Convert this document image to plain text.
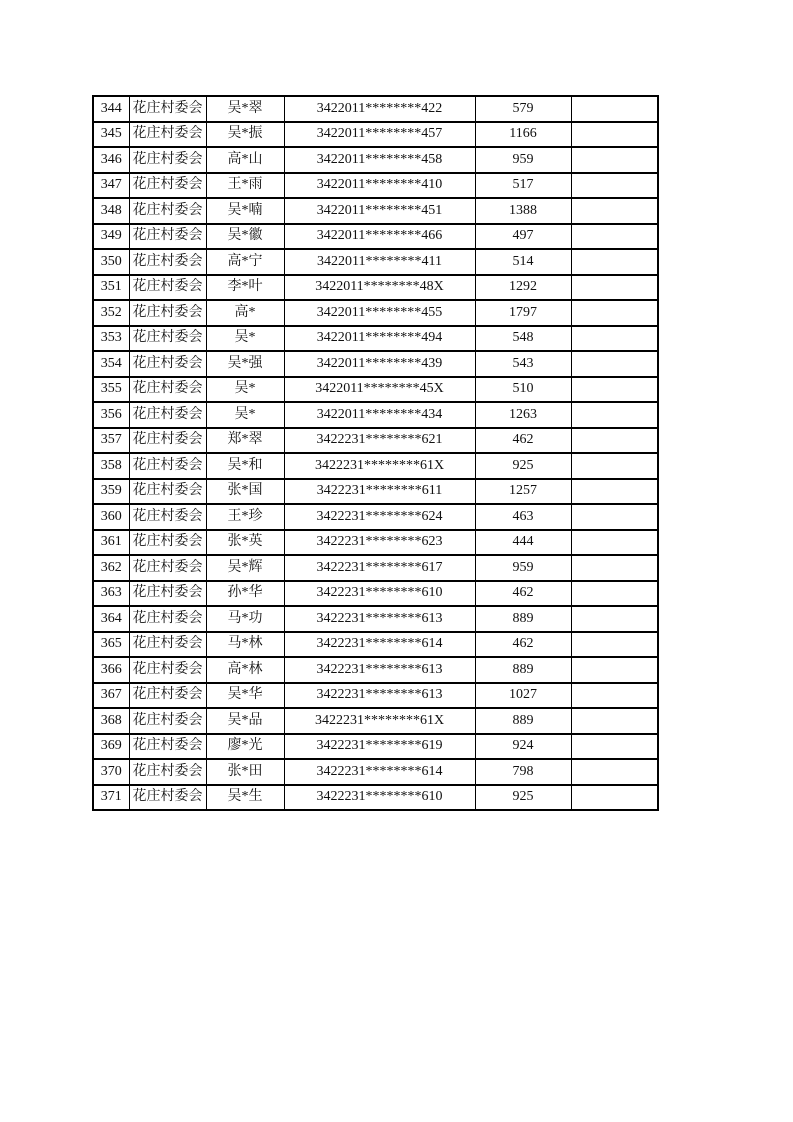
344	花庄村委会	吴*翠	3422011********422	579	
345	花庄村委会	吴*振	3422011********457	1166	
346	花庄村委会	高*山	3422011********458	959	
347	花庄村委会	王*雨	3422011********410	517	
348	花庄村委会	吴*喃	3422011********451	1388	
349	花庄村委会	吴*徽	3422011********466	497	
350	花庄村委会	高*宁	3422011********411	514	
351	花庄村委会	李*叶	3422011********48X	1292	
352	花庄村委会	高*	3422011********455	1797	
353	花庄村委会	吴*	3422011********494	548	
354	花庄村委会	吴*强	3422011********439	543	
355	花庄村委会	吴*	3422011********45X	510	
356	花庄村委会	吴*	3422011********434	1263	
357	花庄村委会	郑*翠	3422231********621	462	
358	花庄村委会	吴*和	3422231********61X	925	
359	花庄村委会	张*国	3422231********611	1257	
360	花庄村委会	王*珍	3422231********624	463	
361	花庄村委会	张*英	3422231********623	444	
362	花庄村委会	吴*辉	3422231********617	959	
363	花庄村委会	孙*华	3422231********610	462	
364	花庄村委会	马*功	3422231********613	889	
365	花庄村委会	马*林	3422231********614	462	
366	花庄村委会	高*林	3422231********613	889	
367	花庄村委会	吴*华	3422231********613	1027	
368	花庄村委会	吴*品	3422231********61X	889	
369	花庄村委会	廖*光	3422231********619	924	
370	花庄村委会	张*田	3422231********614	798	
371	花庄村委会	吴*生	3422231********610	925	
